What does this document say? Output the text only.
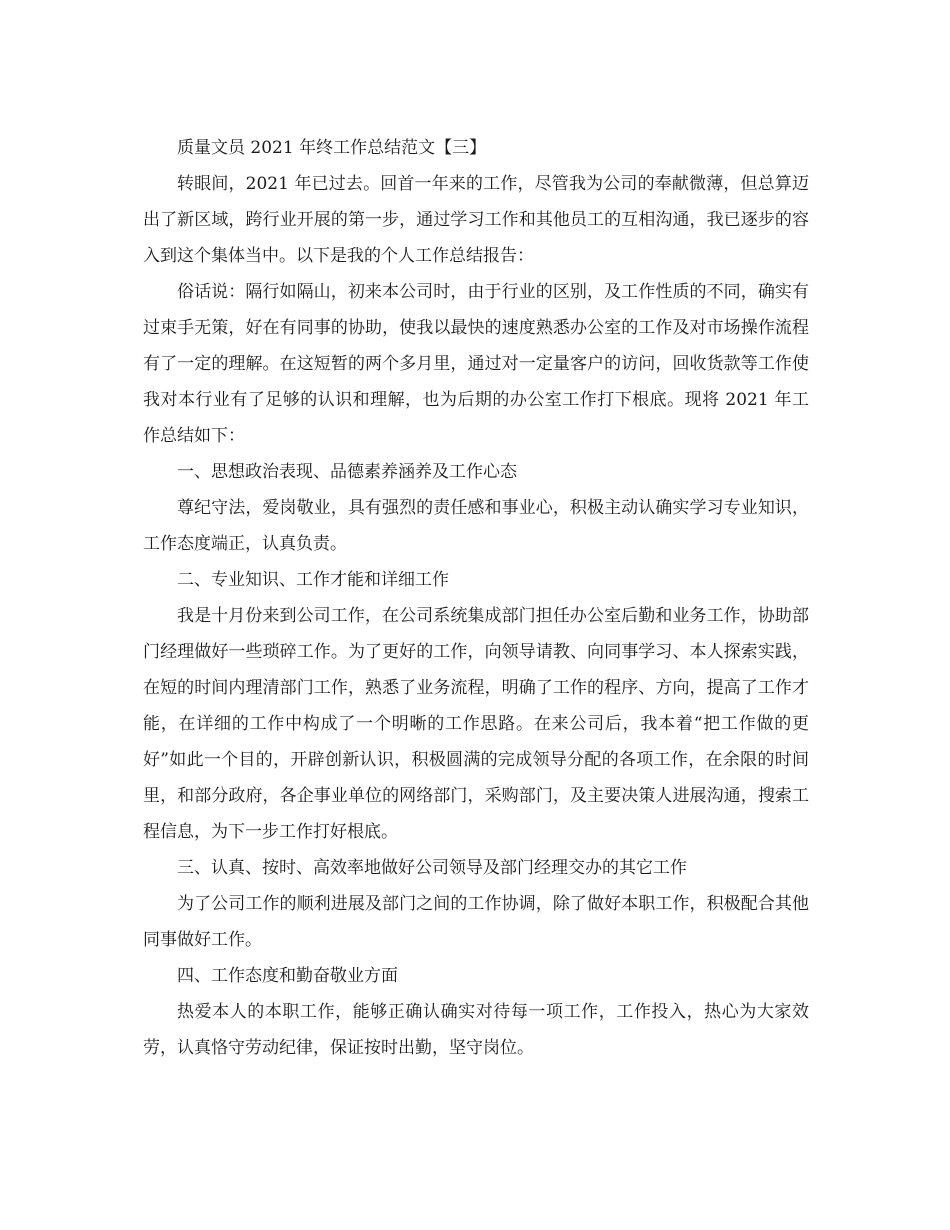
质量文员 2021 年终工作总结范文【三】

转眼间，2021 年已过去。回首一年来的工作，尽管我为公司的奉献微薄，但总算迈出了新区域，跨行业开展的第一步，通过学习工作和其他员工的互相沟通，我已逐步的容入到这个集体当中。以下是我的个人工作总结报告：

俗话说：隔行如隔山，初来本公司时，由于行业的区别，及工作性质的不同，确实有过束手无策，好在有同事的协助，使我以最快的速度熟悉办公室的工作及对市场操作流程有了一定的理解。在这短暂的两个多月里，通过对一定量客户的访问，回收货款等工作使我对本行业有了足够的认识和理解，也为后期的办公室工作打下根底。现将 2021 年工作总结如下：

一、思想政治表现、品德素养涵养及工作心态

尊纪守法，爱岗敬业，具有强烈的责任感和事业心，积极主动认确实学习专业知识，工作态度端正，认真负责。

二、专业知识、工作才能和详细工作

我是十月份来到公司工作，在公司系统集成部门担任办公室后勤和业务工作，协助部门经理做好一些琐碎工作。为了更好的工作，向领导请教、向同事学习、本人探索实践，在短的时间内理清部门工作，熟悉了业务流程，明确了工作的程序、方向，提高了工作才能，在详细的工作中构成了一个明晰的工作思路。在来公司后，我本着“把工作做的更好”如此一个目的，开辟创新认识，积极圆满的完成领导分配的各项工作，在余限的时间里，和部分政府，各企事业单位的网络部门，采购部门，及主要决策人进展沟通，搜索工程信息，为下一步工作打好根底。

三、认真、按时、高效率地做好公司领导及部门经理交办的其它工作

为了公司工作的顺利进展及部门之间的工作协调，除了做好本职工作，积极配合其他同事做好工作。

四、工作态度和勤奋敬业方面

热爱本人的本职工作，能够正确认确实对待每一项工作，工作投入，热心为大家效劳，认真恪守劳动纪律，保证按时出勤，坚守岗位。
